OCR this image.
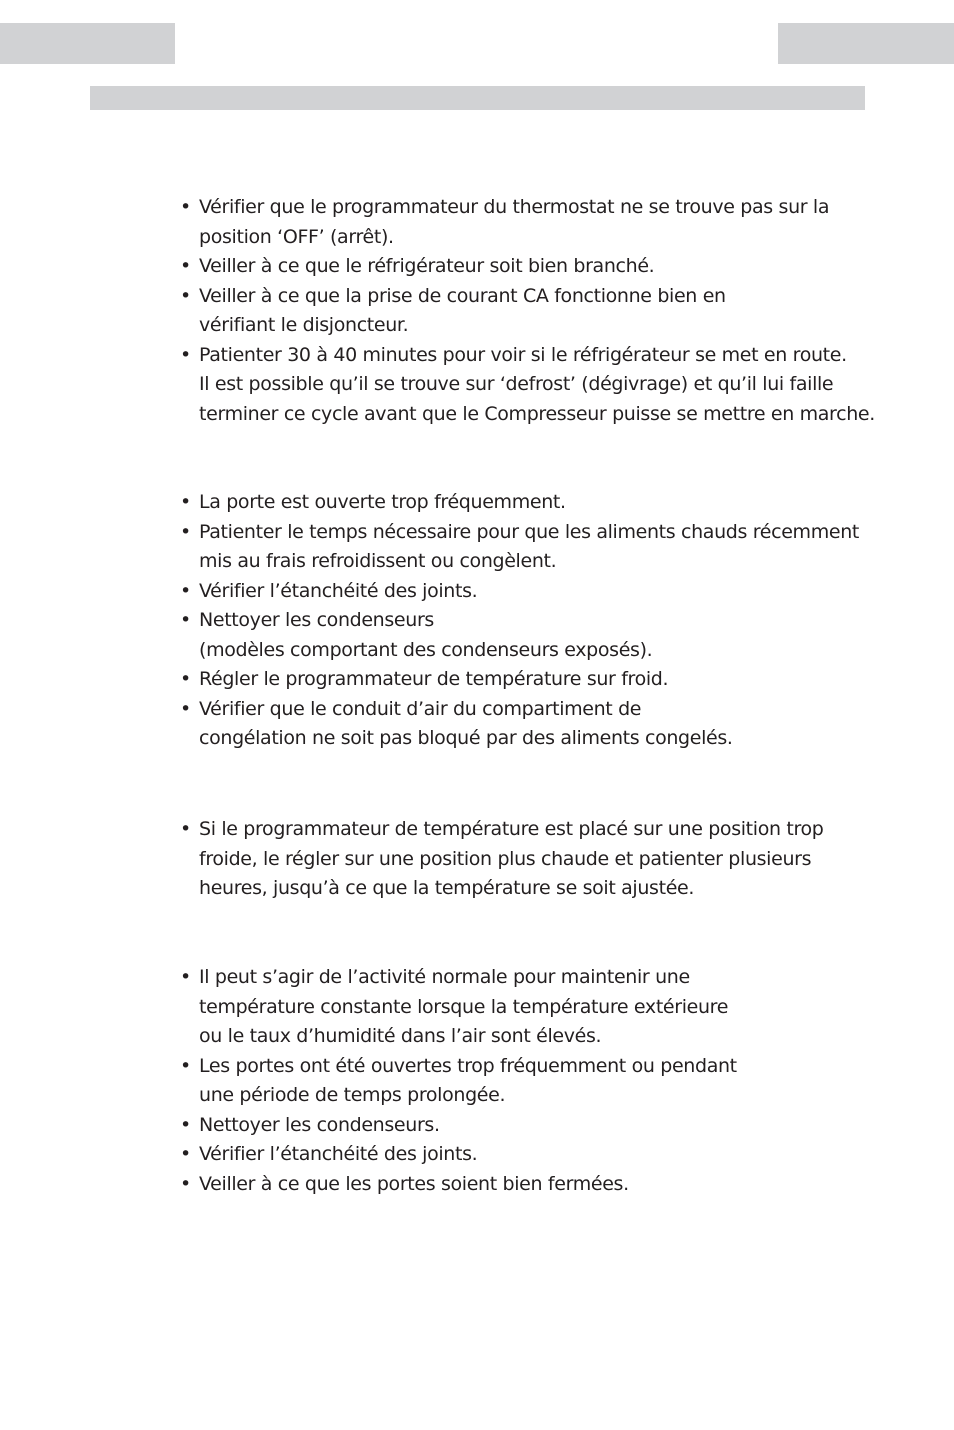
• Vérifier que le programmateur du thermostat ne se trouve pas sur la
position ‘OFF’ (arrêt).
• Veiller à ce que le réfrigérateur soit bien branché.
• Veiller à ce que la prise de courant CA fonctionne bien en
vérifiant le disjoncteur.
• Patienter 30 à 40 minutes pour voir si le réfrigérateur se met en route.
Il est possible qu’il se trouve sur ‘defrost’ (dégivrage) et qu’il lui faille
terminer ce cycle avant que le Compresseur puisse se mettre en marche.
• La porte est ouverte trop fréquemment.
• Patienter le temps nécessaire pour que les aliments chauds récemment
mis au frais refroidissent ou congèlent.
• Vérifier l’étanchéité des joints.
• Nettoyer les condenseurs
(modèles comportant des condenseurs exposés).
• Régler le programmateur de température sur froid.
• Vérifier que le conduit d’air du compartiment de
congélation ne soit pas bloqué par des aliments congelés.
• Si le programmateur de température est placé sur une position trop
froide, le régler sur une position plus chaude et patienter plusieurs
heures, jusqu’à ce que la température se soit ajustée.
• Il peut s’agir de l’activité normale pour maintenir une
température constante lorsque la température extérieure
ou le taux d’humidité dans l’air sont élevés.
• Les portes ont été ouvertes trop fréquemment ou pendant
une période de temps prolongée.
• Nettoyer les condenseurs.
• Vérifier l’étanchéité des joints.
• Veiller à ce que les portes soient bien fermées.
